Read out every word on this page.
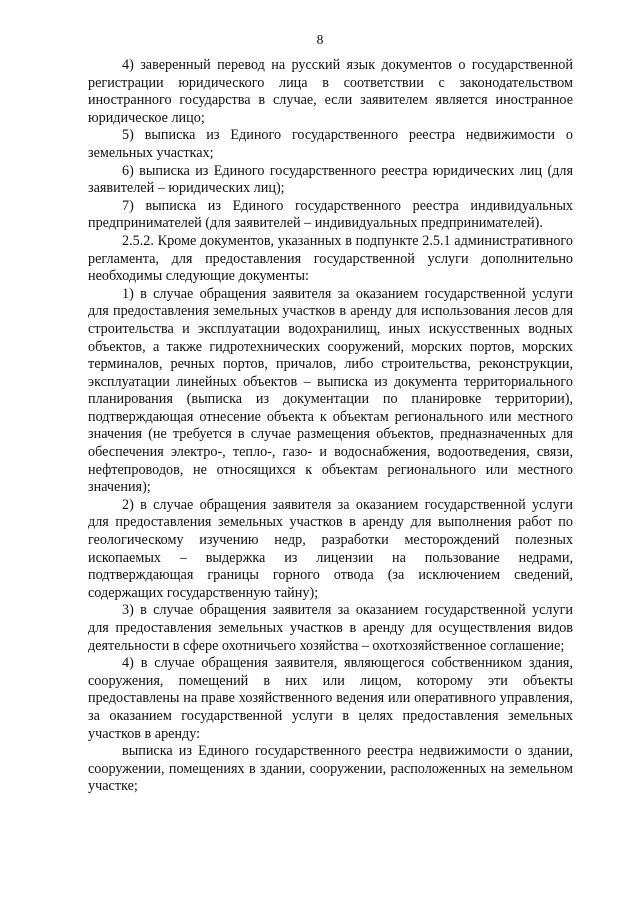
8

4) заверенный перевод на русский язык документов о государственной регистрации юридического лица в соответствии с законодательством иностранного государства в случае, если заявителем является иностранное юридическое лицо;

5) выписка из Единого государственного реестра недвижимости о земельных участках;

6) выписка из Единого государственного реестра юридических лиц (для заявителей – юридических лиц);

7) выписка из Единого государственного реестра индивидуальных предпринимателей (для заявителей – индивидуальных предпринимателей).

2.5.2. Кроме документов, указанных в подпункте 2.5.1 административного регламента, для предоставления государственной услуги дополнительно необходимы следующие документы:

1) в случае обращения заявителя за оказанием государственной услуги для предоставления земельных участков в аренду для использования лесов для строительства и эксплуатации водохранилищ, иных искусственных водных объектов, а также гидротехнических сооружений, морских портов, морских терминалов, речных портов, причалов, либо строительства, реконструкции, эксплуатации линейных объектов – выписка из документа территориального планирования (выписка из документации по планировке территории), подтверждающая отнесение объекта к объектам регионального или местного значения (не требуется в случае размещения объектов, предназначенных для обеспечения электро-, тепло-, газо- и водоснабжения, водоотведения, связи, нефтепроводов, не относящихся к объектам регионального или местного значения);

2) в случае обращения заявителя за оказанием государственной услуги для предоставления земельных участков в аренду для выполнения работ по геологическому изучению недр, разработки месторождений полезных ископаемых – выдержка из лицензии на пользование недрами, подтверждающая границы горного отвода (за исключением сведений, содержащих государственную тайну);

3) в случае обращения заявителя за оказанием государственной услуги для предоставления земельных участков в аренду для осуществления видов деятельности в сфере охотничьего хозяйства – охотхозяйственное соглашение;

4) в случае обращения заявителя, являющегося собственником здания, сооружения, помещений в них или лицом, которому эти объекты предоставлены на праве хозяйственного ведения или оперативного управления, за оказанием государственной услуги в целях предоставления земельных участков в аренду:

выписка из Единого государственного реестра недвижимости о здании, сооружении, помещениях в здании, сооружении, расположенных на земельном участке;
